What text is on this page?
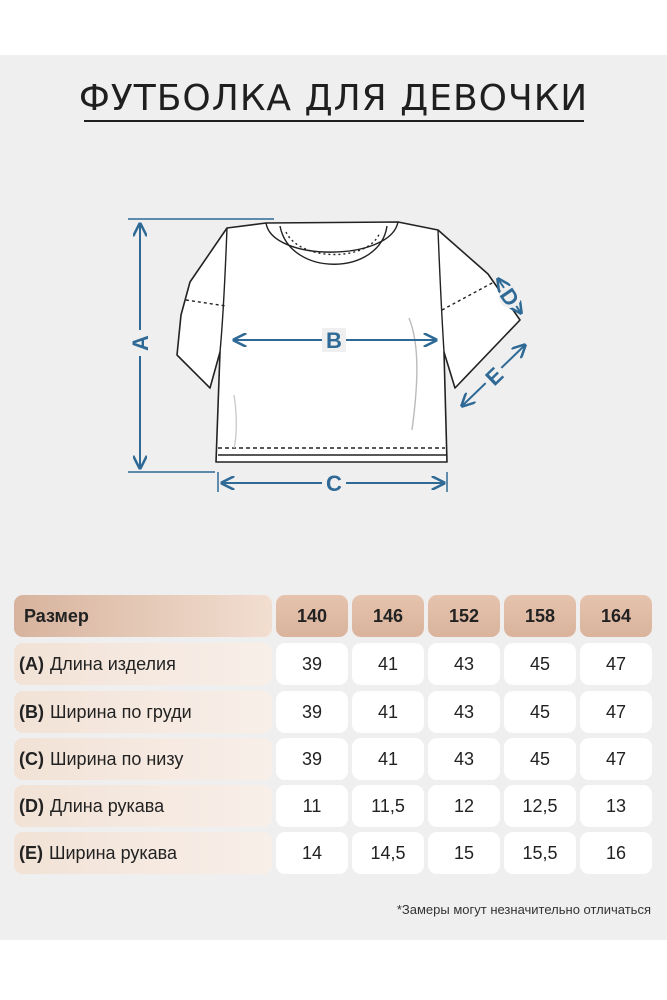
ФУТБОЛКА ДЛЯ ДЕВОЧКИ
A	B
C
D
E
Размер	140	146	152	158	164
(A) Длина изделия	39	41	43	45	47
(B) Ширина по груди	39	41	43	45	47
(C) Ширина по низу	39	41	43	45	47
(D) Длина рукава	11	11,5	12	12,5	13
(E) Ширина рукава	14	14,5	15	15,5	16
*Замеры могут незначительно отличаться
